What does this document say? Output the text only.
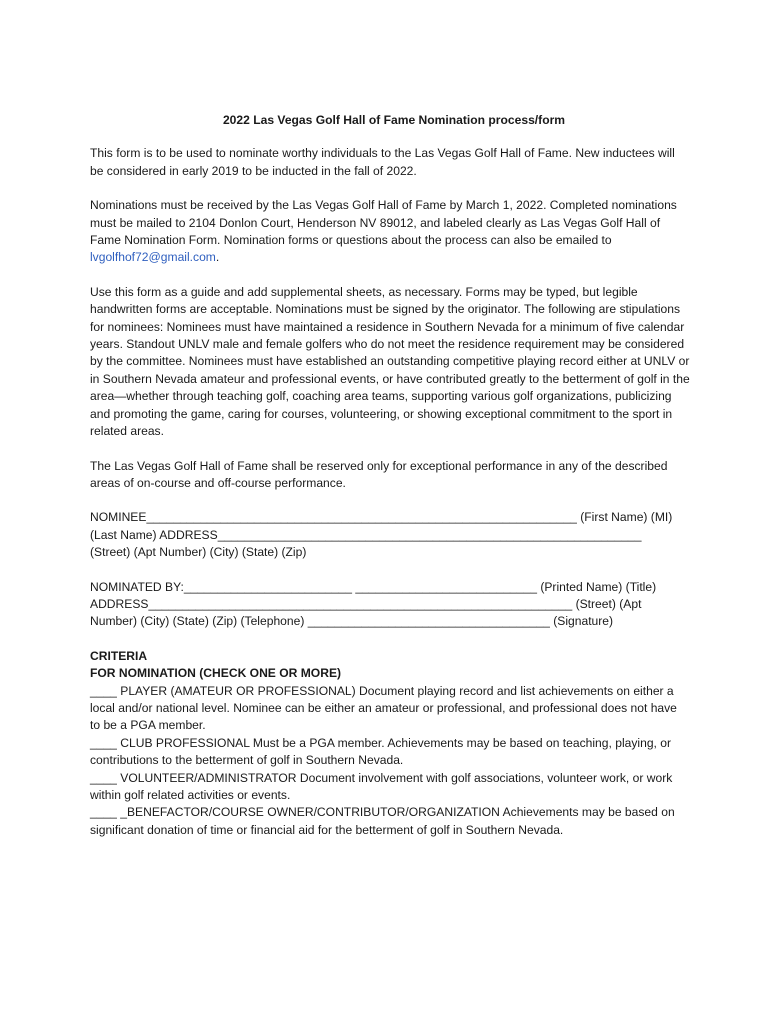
2022 Las Vegas Golf Hall of Fame Nomination process/form

This form is to be used to nominate worthy individuals to the Las Vegas Golf Hall of Fame. New inductees will be considered in early 2019 to be inducted in the fall of 2022.

Nominations must be received by the Las Vegas Golf Hall of Fame by March 1, 2022. Completed nominations must be mailed to 2104 Donlon Court, Henderson NV 89012, and labeled clearly as Las Vegas Golf Hall of Fame Nomination Form. Nomination forms or questions about the process can also be emailed to lvgolfhof72@gmail.com.

Use this form as a guide and add supplemental sheets, as necessary. Forms may be typed, but legible handwritten forms are acceptable. Nominations must be signed by the originator. The following are stipulations for nominees: Nominees must have maintained a residence in Southern Nevada for a minimum of five calendar years. Standout UNLV male and female golfers who do not meet the residence requirement may be considered by the committee. Nominees must have established an outstanding competitive playing record either at UNLV or in Southern Nevada amateur and professional events, or have contributed greatly to the betterment of golf in the area—whether through teaching golf, coaching area teams, supporting various golf organizations, publicizing and promoting the game, caring for courses, volunteering, or showing exceptional commitment to the sport in related areas.

The Las Vegas Golf Hall of Fame shall be reserved only for exceptional performance in any of the described areas of on-course and off-course performance.

NOMINEE________________________________________________________________ (First Name) (MI)
(Last Name) ADDRESS_______________________________________________________________
(Street) (Apt Number) (City) (State) (Zip)
NOMINATED BY:_________________________ ___________________________ (Printed Name) (Title)
ADDRESS_______________________________________________________________ (Street) (Apt
Number) (City) (State) (Zip) (Telephone) ____________________________________ (Signature)
CRITERIA
FOR NOMINATION (CHECK ONE OR MORE)
____ PLAYER (AMATEUR OR PROFESSIONAL) Document playing record and list achievements on either a local and/or national level. Nominee can be either an amateur or professional, and professional does not have to be a PGA member.
____ CLUB PROFESSIONAL Must be a PGA member. Achievements may be based on teaching, playing, or contributions to the betterment of golf in Southern Nevada.
____ VOLUNTEER/ADMINISTRATOR Document involvement with golf associations, volunteer work, or work within golf related activities or events.
____ _BENEFACTOR/COURSE OWNER/CONTRIBUTOR/ORGANIZATION Achievements may be based on significant donation of time or financial aid for the betterment of golf in Southern Nevada.
